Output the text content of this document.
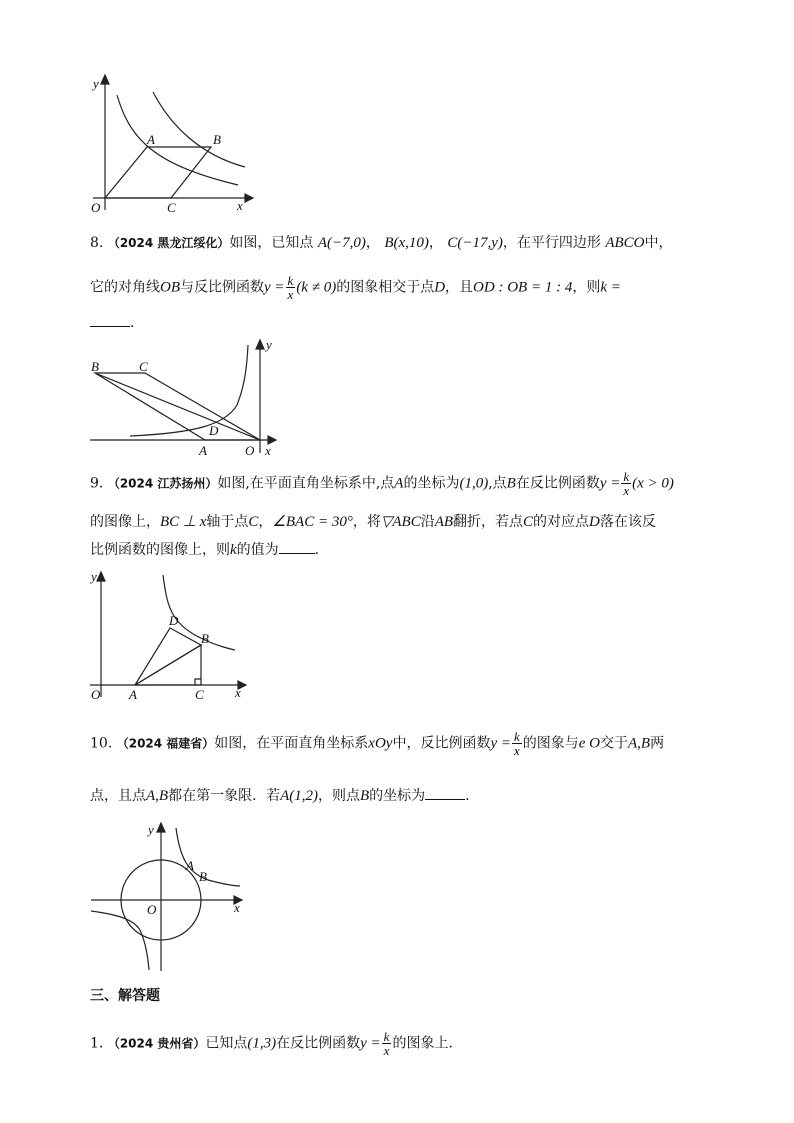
y
x
O
A	B
C
8. （2024 黑龙江绥化）如图，已知点 A(−7,0)， B(x,10)， C(−17,y)，在平行四边形 ABCO中，
它的对角线OB与反比例函数$y = \frac{k}{x} (k \ne 0)$的图象相交于点D，且OD : OB = 1 : 4，则k =
.
B	C
A
D
O x
y
9. （2024 江苏扬州）如图,在平面直角坐标系中,点A的坐标为(1,0),点B在反比例函数$y = \frac{k}{x} (x > 0)$
的图像上，BC ⊥ x轴于点C，∠BAC = 30°，将▽ABC沿AB翻折，若点C的对应点D落在该反
比例函数的图像上，则k的值为	.
y
D
B
O A	C x
10. （2024 福建省）如图，在平面直角坐标系xOy中，反比例函数$y = \frac{k}{x}$ 的图象与e O交于A,B两
点，且点A,B都在第一象限．若A(1,2)，则点B的坐标为	.
y
A
B
O	x
三、解答题
1. （2024 贵州省）已知点(1,3)在反比例函数$y = \frac{k}{x}$ 的图象上．
